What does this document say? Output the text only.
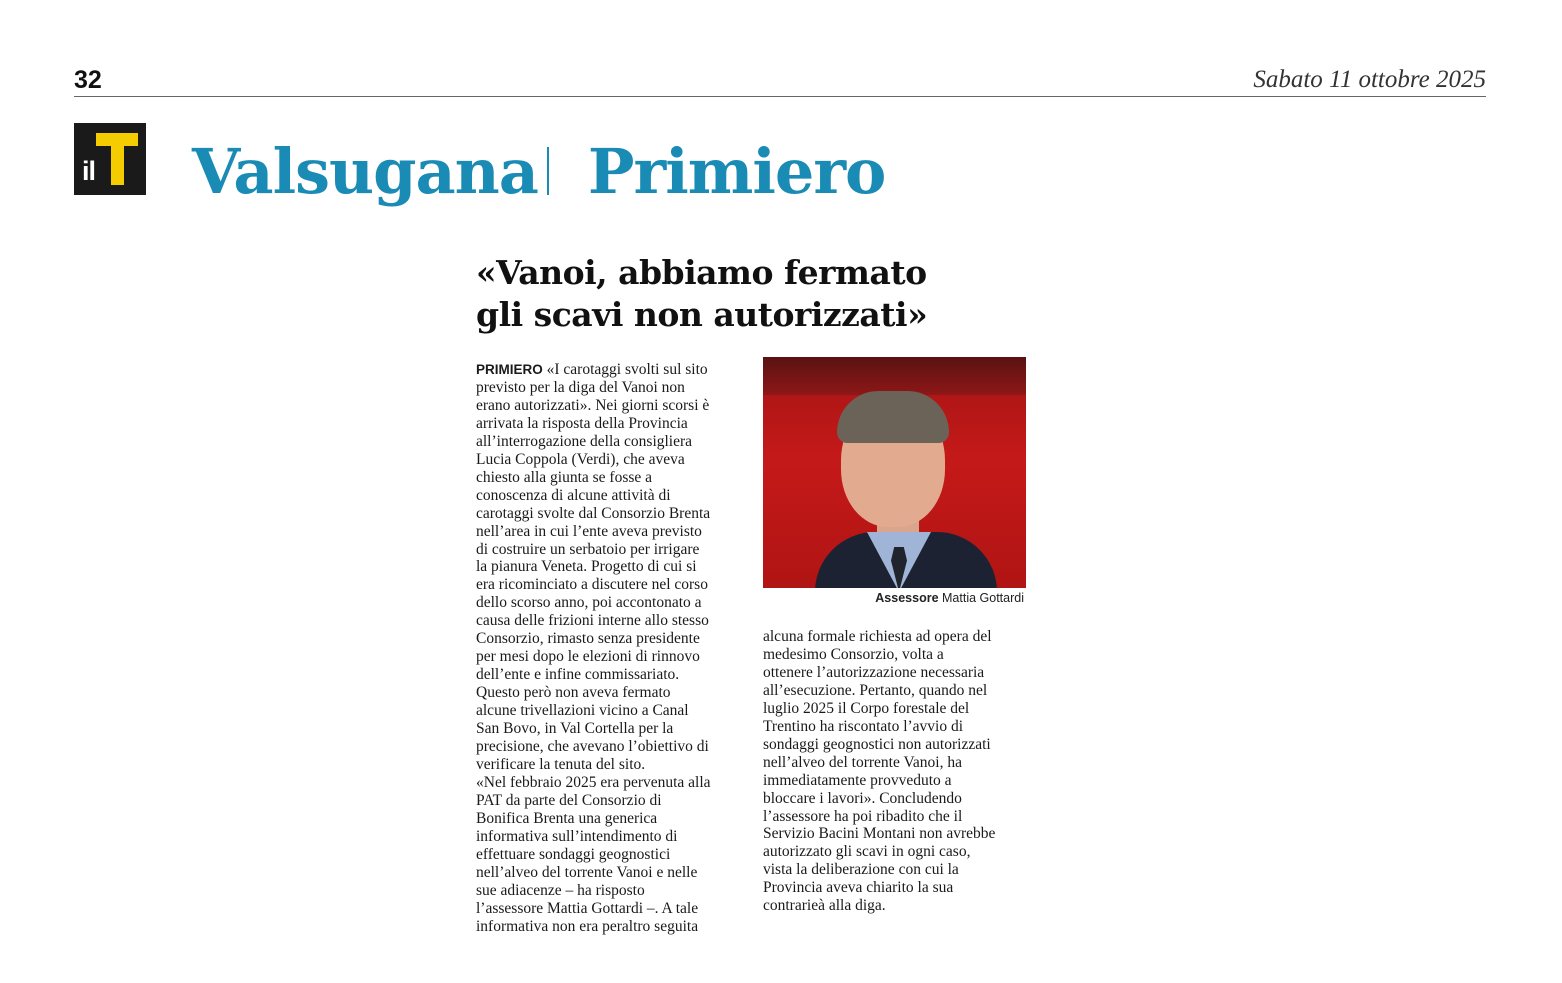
32	Sabato 11 ottobre 2025
il Valsugana Primiero
«Vanoi, abbiamo fermato
gli scavi non autorizzati»
PRIMIERO «I carotaggi svolti sul sito
previsto per la diga del Vanoi non
erano autorizzati». Nei giorni scorsi è
arrivata la risposta della Provincia
all’interrogazione della consigliera
Lucia Coppola (Verdi), che aveva
chiesto alla giunta se fosse a
conoscenza di alcune attività di
carotaggi svolte dal Consorzio Brenta
nell’area in cui l’ente aveva previsto
di costruire un serbatoio per irrigare
la pianura Veneta. Progetto di cui si
era ricominciato a discutere nel corso
dello scorso anno, poi accontonato a
causa delle frizioni interne allo stesso
Consorzio, rimasto senza presidente
per mesi dopo le elezioni di rinnovo
dell’ente e infine commissariato.
Questo però non aveva fermato
alcune trivellazioni vicino a Canal
San Bovo, in Val Cortella per la
precisione, che avevano l’obiettivo di
verificare la tenuta del sito.
«Nel febbraio 2025 era pervenuta alla
PAT da parte del Consorzio di
Bonifica Brenta una generica
informativa sull’intendimento di
effettuare sondaggi geognostici
nell’alveo del torrente Vanoi e nelle
sue adiacenze – ha risposto
l’assessore Mattia Gottardi –. A tale
informativa non era peraltro seguita
Assessore Mattia Gottardi
alcuna formale richiesta ad opera del
medesimo Consorzio, volta a
ottenere l’autorizzazione necessaria
all’esecuzione. Pertanto, quando nel
luglio 2025 il Corpo forestale del
Trentino ha riscontato l’avvio di
sondaggi geognostici non autorizzati
nell’alveo del torrente Vanoi, ha
immediatamente provveduto a
bloccare i lavori». Concludendo
l’assessore ha poi ribadito che il
Servizio Bacini Montani non avrebbe
autorizzato gli scavi in ogni caso,
vista la deliberazione con cui la
Provincia aveva chiarito la sua
contrarieà alla diga.
